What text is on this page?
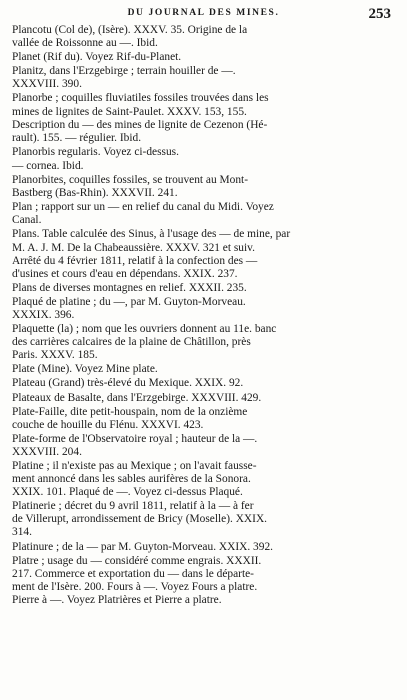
DU JOURNAL DES MINES.	253
Plancotu (Col de), (Isère). XXXV. 35. Origine de la
vallée de Roissonne au —. Ibid.
Planet (Rif du). Voyez Rif-du-Planet.
Planitz, dans l'Erzgebirge ; terrain houiller de —.
XXXVIII. 390.
Planorbe ; coquilles fluviatiles fossiles trouvées dans les
mines de lignites de Saint-Paulet. XXXV. 153, 155.
Description du — des mines de lignite de Cezenon (Hé-
rault). 155. — régulier. Ibid.
Planorbis regularis. Voyez ci-dessus.
— cornea. Ibid.
Planorbites, coquilles fossiles, se trouvent au Mont-
Bastberg (Bas-Rhin). XXXVII. 241.
Plan ; rapport sur un — en relief du canal du Midi. Voyez
Canal.
Plans. Table calculée des Sinus, à l'usage des — de mine, par
M. A. J. M. De la Chabeaussière. XXXV. 321 et suiv.
Arrêté du 4 février 1811, relatif à la confection des —
d'usines et cours d'eau en dépendans. XXIX. 237.
Plans de diverses montagnes en relief. XXXII. 235.
Plaqué de platine ; du —, par M. Guyton-Morveau.
XXXIX. 396.
Plaquette (la) ; nom que les ouvriers donnent au 11e. banc
des carrières calcaires de la plaine de Châtillon, près
Paris. XXXV. 185.
Plate (Mine). Voyez Mine plate.
Plateau (Grand) très-élevé du Mexique. XXIX. 92.
Plateaux de Basalte, dans l'Erzgebirge. XXXVIII. 429.
Plate-Faille, dite petit-houspain, nom de la onzième
couche de houille du Flénu. XXXVI. 423.
Plate-forme de l'Observatoire royal ; hauteur de la —.
XXXVIII. 204.
Platine ; il n'existe pas au Mexique ; on l'avait fausse-
ment annoncé dans les sables aurifères de la Sonora.
XXIX. 101. Plaqué de —. Voyez ci-dessus Plaqué.
Platinerie ; décret du 9 avril 1811, relatif à la — à fer
de Villerupt, arrondissement de Bricy (Moselle). XXIX.
314.
Platinure ; de la — par M. Guyton-Morveau. XXIX. 392.
Platre ; usage du — considéré comme engrais. XXXII.
217. Commerce et exportation du — dans le départe-
ment de l'Isère. 200. Fours à —. Voyez Fours a platre.
Pierre à —. Voyez Platrières et Pierre a platre.
